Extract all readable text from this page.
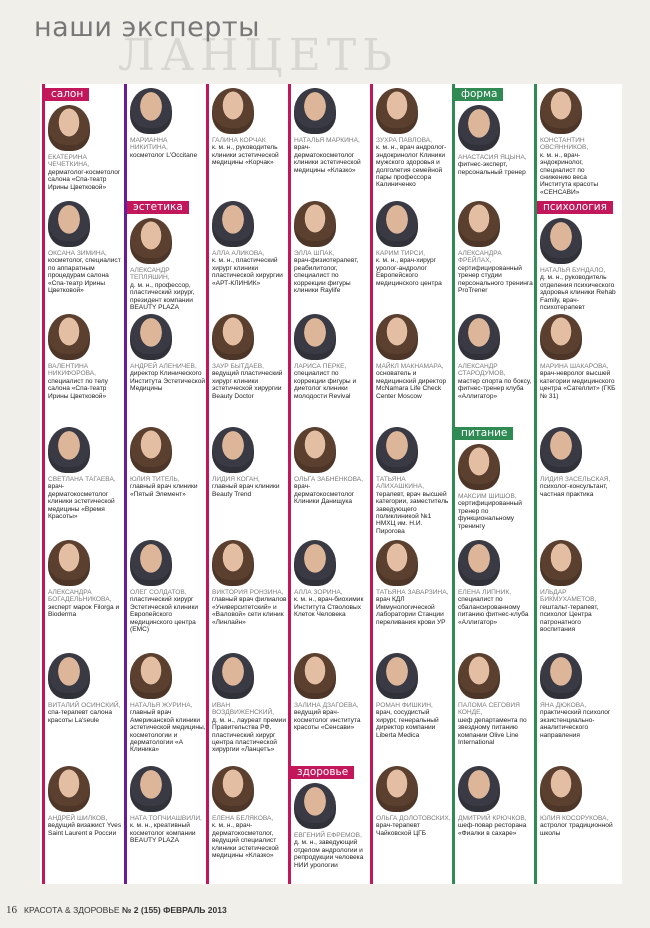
ЛАНЦЕТЬ
наши эксперты
салон
ЕКАТЕРИНА ЧЕЧЕТКИНА,
дерматолог-косметолог салона «Спа-театр Ирины Цветковой»
ОКСАНА ЗИМИНА,
косметолог, специалист по аппаратным процедурам салона «Спа-театр Ирины Цветковой»
ВАЛЕНТИНА НИКИФОРОВА,
специалист по телу салона «Спа-театр Ирины Цветковой»
СВЕТЛАНА ТАГАЕВА,
врач-дерматокосметолог клиники эстетической медицины «Время Красоты»
АЛЕКСАНДРА БОГАДЕЛЬНИКОВА,
эксперт марок Filorga и Bioderma
ВИТАЛИЙ ОСИНСКИЙ,
спа-терапевт салона красоты La'seule
АНДРЕЙ ШИЛКОВ,
ведущий визажист Yves Saint Laurent в России
МАРИАННА НИКИТИНА,
косметолог L'Occitane
эстетика
АЛЕКСАНДР ТЕПЛЯШИН,
д. м. н., профессор, пластический хирург, президент компании BEAUTY PLAZA
АНДРЕЙ АЛЕНИЧЕВ,
директор Клинического Института Эстетической Медицины
ЮЛИЯ ТИТЕЛЬ,
главный врач клиники «Пятый Элемент»
ОЛЕГ СОЛДАТОВ,
пластический хирург Эстетической клиники Европейского медицинского центра (EMC)
НАТАЛЬЯ ЖУРИНА,
главный врач Американской клиники эстетической медицины, косметологии и дерматологии «А Клиника»
НАТА ТОПЧИАШВИЛИ,
к. м. н., креативный косметолог компании BEAUTY PLAZA
ГАЛИНА КОРЧАК
к. м. н., руководитель клиники эстетической медицины «Корчак»
АЛЛА АЛИКОВА,
к. м. н., пластический хирург клиники пластической хирургии «АРТ-КЛИНИК»
ЗАУР БЫТДАЕВ,
ведущий пластический хирург клиники эстетической хирургии Beauty Doctor
ЛИДИЯ КОГАН,
главный врач клиники Beauty Trend
ВИКТОРИЯ РОНЗИНА,
главный врач филиалов «Университетский» и «Валовой» сети клиник «Линлайн»
ИВАН ВОЗДВИЖЕНСКИЙ,
д. м. н., лауреат премии Правительства РФ, пластический хирург центра пластической хирургии «Ланцетъ»
ЕЛЕНА БЕЛЯКОВА,
к. м. н., врач-дерматокосметолог, ведущий специалист клиники эстетической медицины «Клазко»
НАТАЛЬЯ МАРКИНА,
врач-дерматокосметолог клиники эстетической медицины «Клазко»
ЭЛЛА ШПАК,
врач-физиотерапевт, реабилитолог, специалист по коррекции фигуры клиники Raylife
ЛАРИСА ПЕРКЕ,
специалист по коррекции фигуры и диетолог клиники молодости Revival
ОЛЬГА ЗАБНЕНКОВА,
врач-дерматокосметолог Клиники Данищука
АЛЛА ЗОРИНА,
к. м. н., врач-биохимик Института Стволовых Клеток Человека
ЗАЛИНА ДЗАГОЕВА,
ведущий врач-косметолог института красоты «Сенсави»
здоровье
ЕВГЕНИЙ ЕФРЕМОВ,
д. м. н., заведующий отделом андрологии и репродукции человека НИИ урологии
ЗУХРА ПАВЛОВА,
к. м. н., врач андролог-эндокринолог Клиники мужского здоровья и долголетия семейной пары профессора Калиниченко
КАРИМ ТИРСИ,
к. м. н., врач-хирург уролог-андролог Европейского медицинского центра
МАЙКЛ МАКНАМАРА,
основатель и медицинский директор McNamara Life Check Center Moscow
ТАТЬЯНА АЛИХАШКИНА,
терапевт, врач высшей категории, заместитель заведующего поликлиникой №1 НМХЦ им. Н.И. Пирогова
ТАТЬЯНА ЗАВАРЗИНА,
врач КДЛ Иммунологической лаборатории Станции переливания крови УР
РОМАН ФИШКИН,
врач, сосудистый хирург, генеральный директор компании Liberta Medica
ОЛЬГА ДОЛОТОВСКИХ,
врач-терапевт Чайковской ЦГБ
форма
АНАСТАСИЯ ЯЦЫНА,
фитнес-эксперт, персональный тренер
АЛЕКСАНДРА ФРЕЙЛАХ,
сертифицированный тренер студии персонального тренинга ProTrener
АЛЕКСАНДР СТАРОДУМОВ,
мастер спорта по боксу, фитнес-тренер клуба «Аллигатор»
питание
МАКСИМ ШИШОВ,
сертифицированный тренер по функциональному тренингу
ЕЛЕНА ЛИПНИК,
специалист по сбалансированному питанию фитнес-клуба «Аллигатор»
ПАЛОМА СЕГОВИЯ КОНДЕ,
шеф департамента по звездному питанию компании Olive Line International
ДМИТРИЙ КРЮЧКОВ,
шеф-повар ресторана «Фиалки в сахаре»
КОНСТАНТИН ОВСЯННИКОВ,
к. м. н., врач-эндокринолог, специалист по снижению веса Института красоты «СЕНСАВИ»
психология
НАТАЛЬЯ БУНДАЛО,
д. м. н., руководитель отделения психического здоровья клиники Rehab Family, врач-психотерапевт
МАРИНА ШАКАРОВА,
врач-невролог высшей категории медицинского центра «Сателлит» (ГКБ № 31)
ЛИДИЯ ЗАСЕЛЬСКАЯ,
психолог-консультант, частная практика
ИЛЬДАР БИКМУХАМЕТОВ,
гештальт-терапевт, психолог Центра патронатного воспитания
ЯНА ДЮКОВА,
практический психолог экзистенциально-аналитического направления
ЮЛИЯ КОСОРУКОВА,
астролог традиционной школы
16 КРАСОТА & ЗДОРОВЬЕ № 2 (155) ФЕВРАЛЬ 2013
